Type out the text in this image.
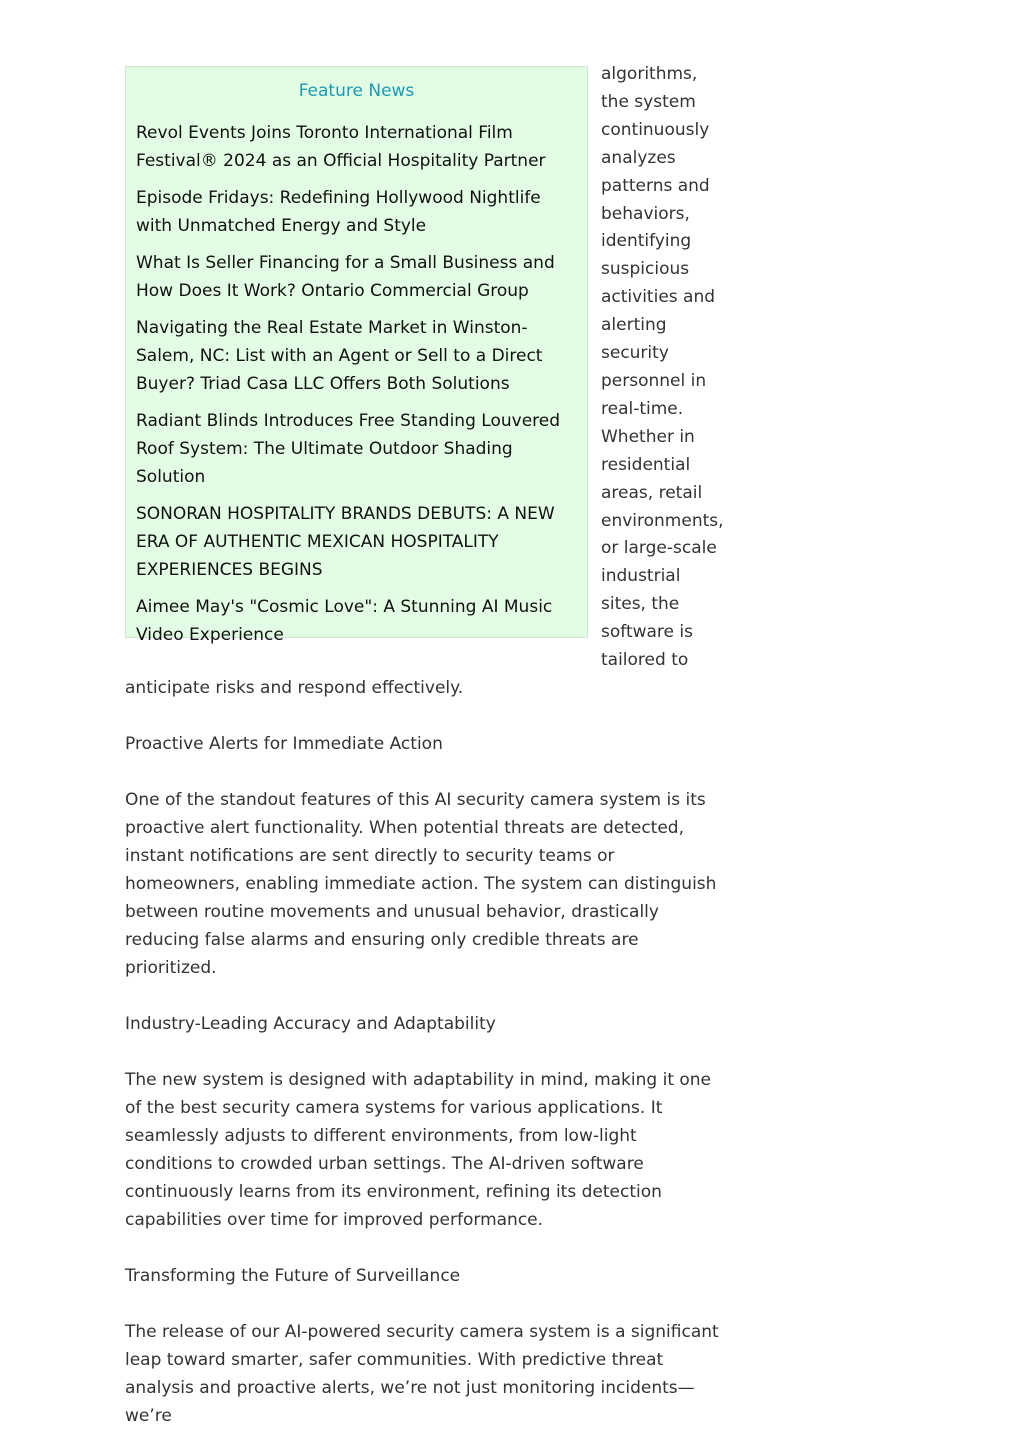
Feature News
Revol Events Joins Toronto International Film Festival® 2024 as an Official Hospitality Partner
Episode Fridays: Redefining Hollywood Nightlife with Unmatched Energy and Style
What Is Seller Financing for a Small Business and How Does It Work? Ontario Commercial Group
Navigating the Real Estate Market in Winston-Salem, NC: List with an Agent or Sell to a Direct Buyer? Triad Casa LLC Offers Both Solutions
Radiant Blinds Introduces Free Standing Louvered Roof System: The Ultimate Outdoor Shading Solution
SONORAN HOSPITALITY BRANDS DEBUTS: A NEW ERA OF AUTHENTIC MEXICAN HOSPITALITY EXPERIENCES BEGINS
Aimee May's "Cosmic Love": A Stunning AI Music Video Experience
algorithms,
the system
continuously
analyzes
patterns and
behaviors,
identifying
suspicious
activities and
alerting
security
personnel in
real-time.
Whether in
residential
areas, retail
environments,
or large-scale
industrial
sites, the
software is
tailored to

anticipate risks and respond effectively.

Proactive Alerts for Immediate Action

One of the standout features of this AI security camera system is its proactive alert functionality. When potential threats are detected, instant notifications are sent directly to security teams or homeowners, enabling immediate action. The system can distinguish between routine movements and unusual behavior, drastically reducing false alarms and ensuring only credible threats are prioritized.

Industry-Leading Accuracy and Adaptability

The new system is designed with adaptability in mind, making it one of the best security camera systems for various applications. It seamlessly adjusts to different environments, from low-light conditions to crowded urban settings. The AI-driven software continuously learns from its environment, refining its detection capabilities over time for improved performance.

Transforming the Future of Surveillance

The release of our AI-powered security camera system is a significant leap toward smarter, safer communities. With predictive threat analysis and proactive alerts, we’re not just monitoring incidents—we’re
